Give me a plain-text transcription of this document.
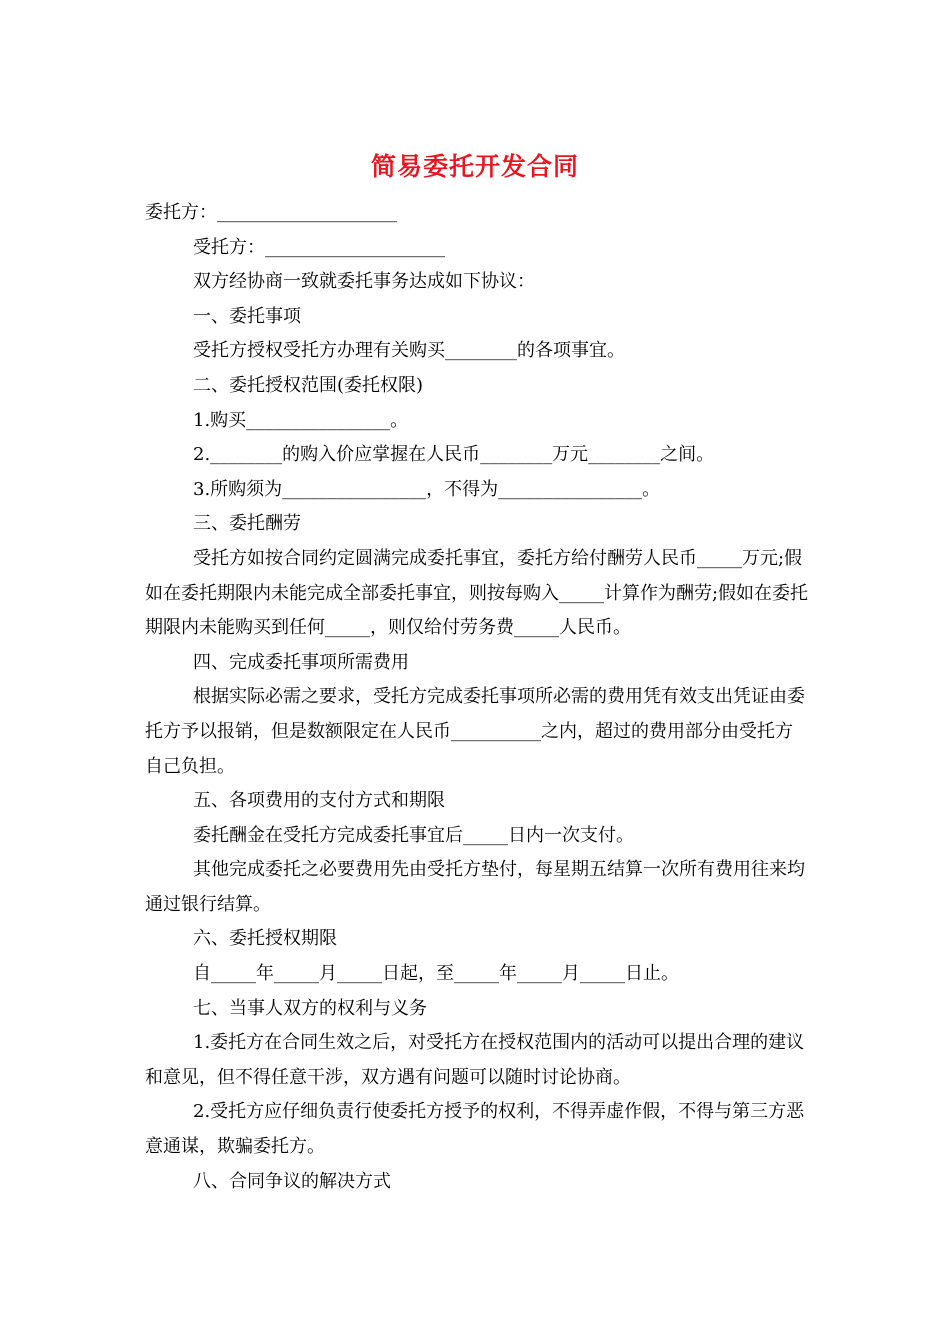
简易委托开发合同

委托方：____________________

受托方：____________________

双方经协商一致就委托事务达成如下协议：

一、委托事项

受托方授权受托方办理有关购买________的各项事宜。

二、委托授权范围(委托权限)

1.购买________________。

2.________的购入价应掌握在人民币________万元________之间。

3.所购须为________________，不得为________________。

三、委托酬劳

受托方如按合同约定圆满完成委托事宜，委托方给付酬劳人民币_____万元;假如在委托期限内未能完成全部委托事宜，则按每购入_____计算作为酬劳;假如在委托期限内未能购买到任何_____，则仅给付劳务费_____人民币。

四、完成委托事项所需费用

根据实际必需之要求，受托方完成委托事项所必需的费用凭有效支出凭证由委托方予以报销，但是数额限定在人民币__________之内，超过的费用部分由受托方自己负担。

五、各项费用的支付方式和期限

委托酬金在受托方完成委托事宜后_____日内一次支付。

其他完成委托之必要费用先由受托方垫付，每星期五结算一次所有费用往来均通过银行结算。

六、委托授权期限

自_____年_____月_____日起，至_____年_____月_____日止。

七、当事人双方的权利与义务

1.委托方在合同生效之后，对受托方在授权范围内的活动可以提出合理的建议和意见，但不得任意干涉，双方遇有问题可以随时讨论协商。

2.受托方应仔细负责行使委托方授予的权利，不得弄虚作假，不得与第三方恶意通谋，欺骗委托方。

八、合同争议的解决方式
